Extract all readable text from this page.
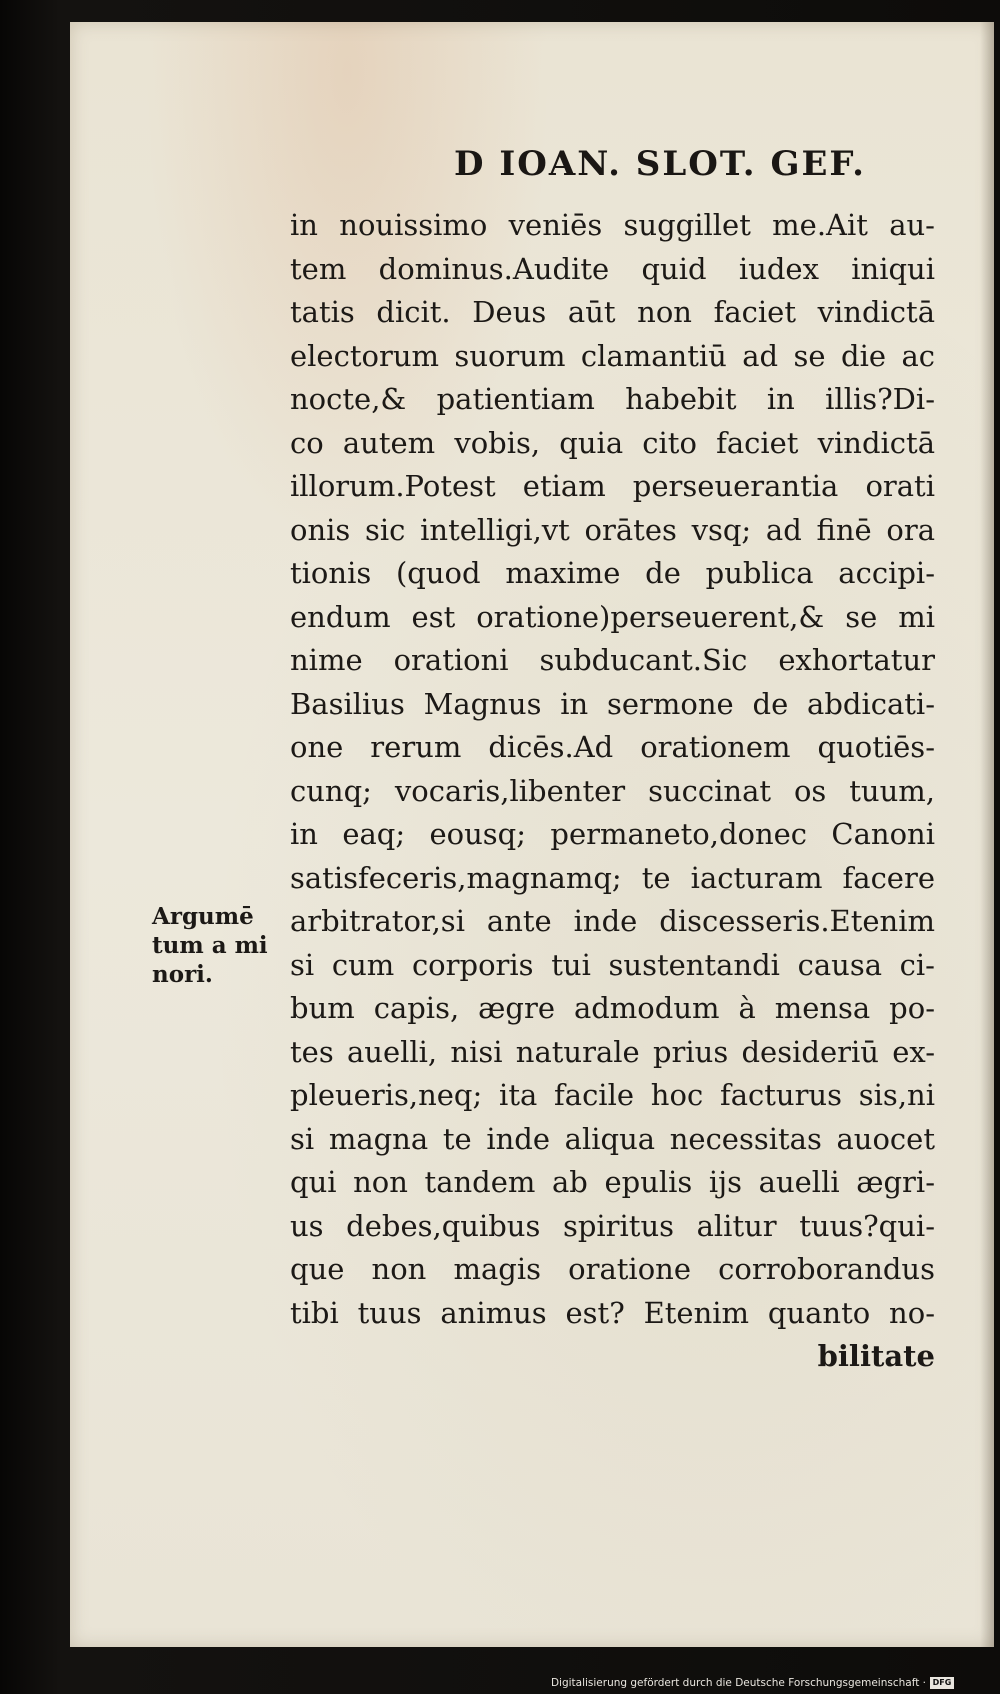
D IOAN. SLOT. GEF.
in nouissimo veniēs suggillet me.Ait au-
tem dominus.Audite quid iudex iniqui
tatis dicit. Deus aūt non faciet vindictā
electorum suorum clamantiū ad se die ac
nocte,& patientiam habebit in illis?Di-
co autem vobis, quia cito faciet vindictā
illorum.Potest etiam perseuerantia orati
onis sic intelligi,vt orātes vsq; ad finē ora
tionis (quod maxime de publica accipi-
endum est oratione)perseuerent,& se mi
nime orationi subducant.Sic exhortatur
Basilius Magnus in sermone de abdicati-
one rerum dicēs.Ad orationem quotiēs-
cunq; vocaris,libenter succinat os tuum,
in eaq; eousq; permaneto,donec Canoni
satisfeceris,magnamq; te iacturam facere
arbitrator,si ante inde discesseris.Etenim
si cum corporis tui sustentandi causa ci-
bum capis, ægre admodum à mensa po-
tes auelli, nisi naturale prius desideriū ex-
pleueris,neq; ita facile hoc facturus sis,ni
si magna te inde aliqua necessitas auocet
qui non tandem ab epulis ijs auelli ægri-
us debes,quibus spiritus alitur tuus?qui-
que non magis oratione corroborandus
tibi tuus animus est? Etenim quanto no-
bilitate
Argumē
tum a mi
nori.
Digitalisierung gefördert durch die Deutsche Forschungsgemeinschaft · DFG
